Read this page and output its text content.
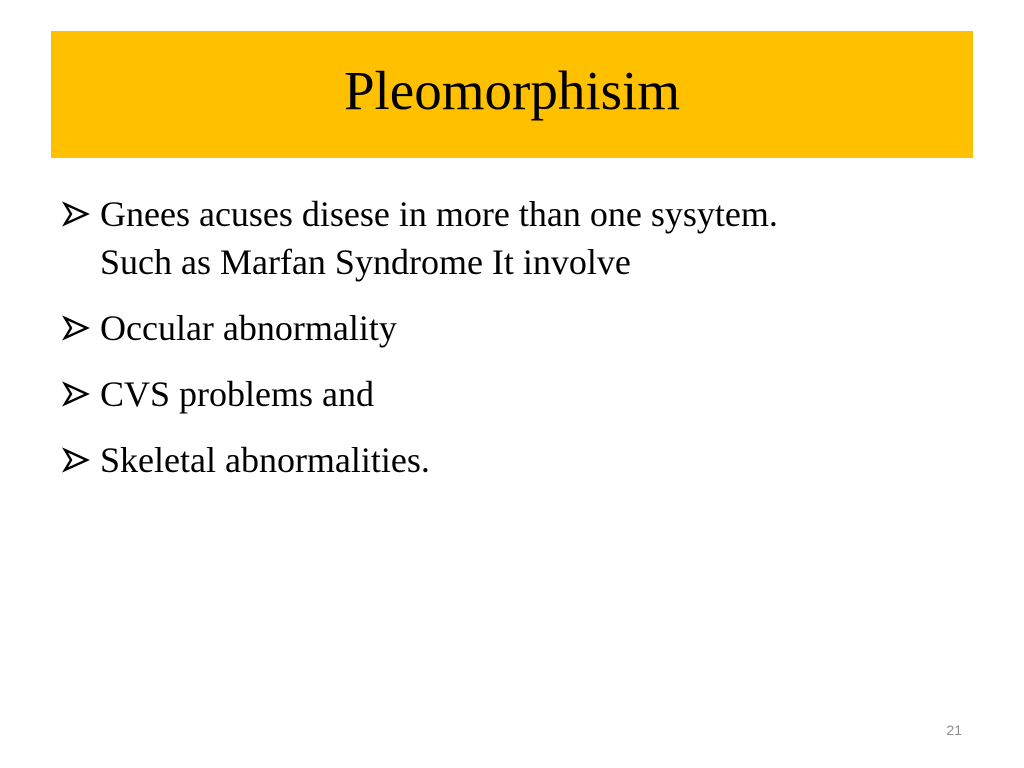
Pleomorphisim
Gnees acuses disese in more than one sysytem.
Such as Marfan Syndrome It involve
Occular abnormality
CVS problems and
Skeletal abnormalities.
21
